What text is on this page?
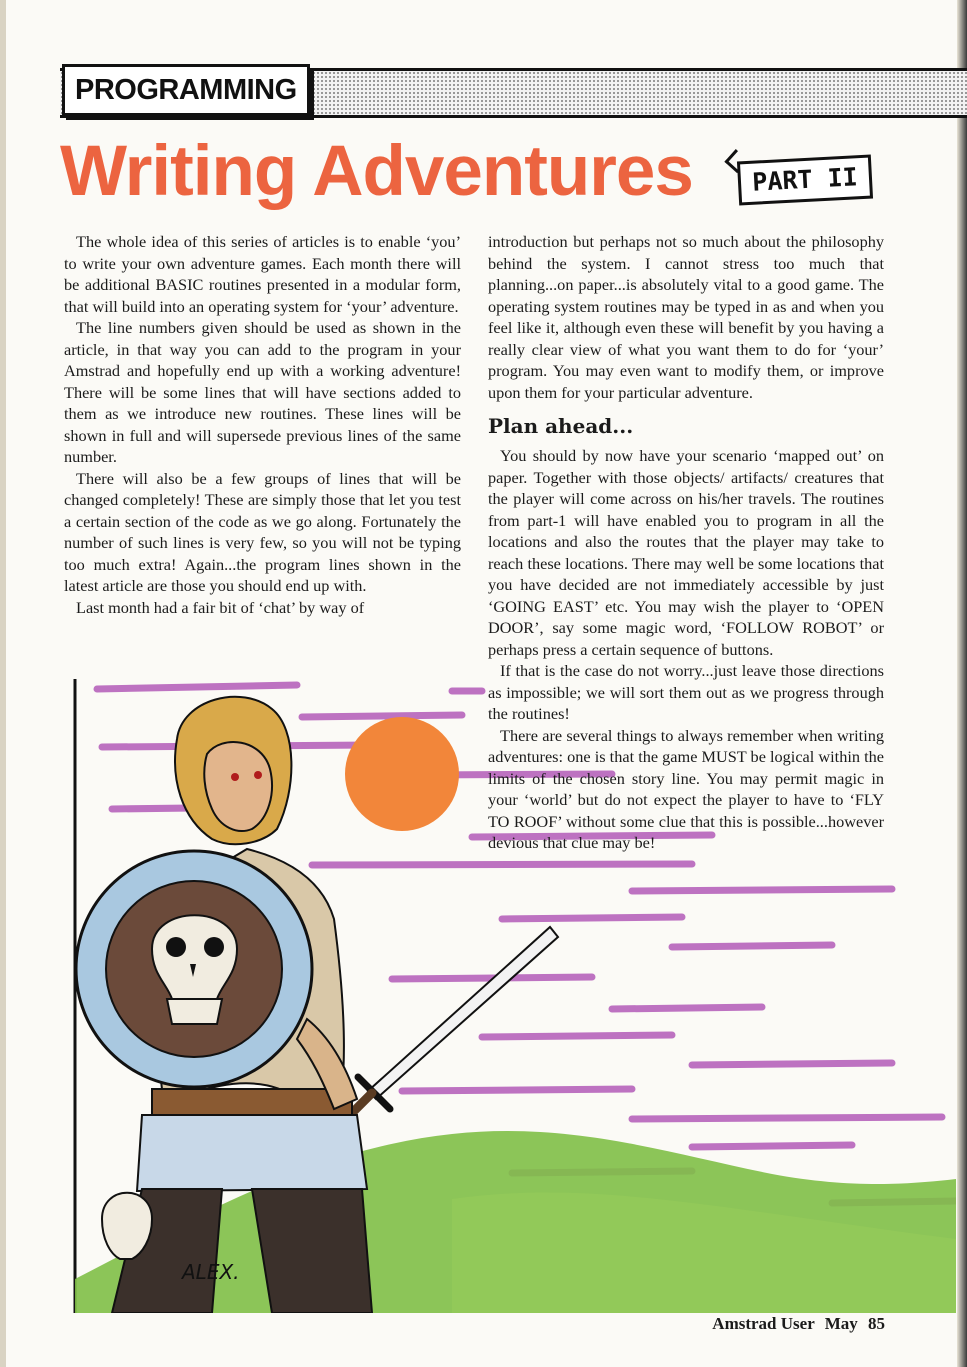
PROGRAMMING
Writing Adventures	PART II

The whole idea of this series of articles is to enable ‘you’ to write your own adventure games. Each month there will be additional BASIC routines presented in a modular form, that will build into an operating system for ‘your’ adventure.

The line numbers given should be used as shown in the article, in that way you can add to the program in your Amstrad and hopefully end up with a working adventure! There will be some lines that will have sections added to them as we introduce new routines. These lines will be shown in full and will supersede previous lines of the same number.

There will also be a few groups of lines that will be changed completely! These are simply those that let you test a certain section of the code as we go along. Fortunately the number of such lines is very few, so you will not be typing too much extra! Again...the program lines shown in the latest article are those you should end up with.

Last month had a fair bit of ‘chat’ by way of

introduction but perhaps not so much about the philosophy behind the system. I cannot stress too much that planning...on paper...is absolutely vital to a good game. The operating system routines may be typed in as and when you feel like it, although even these will benefit by you having a really clear view of what you want them to do for ‘your’ program. You may even want to modify them, or improve upon them for your particular adventure.

Plan ahead...

You should by now have your scenario ‘mapped out’ on paper. Together with those objects/ artifacts/ creatures that the player will come across on his/her travels. The routines from part-1 will have enabled you to program in all the locations and also the routes that the player may take to reach these locations. There may well be some locations that you have decided are not immediately accessible by just ‘GOING EAST’ etc. You may wish the player to ‘OPEN DOOR’, say some magic word, ‘FOLLOW ROBOT’ or perhaps press a certain sequence of buttons.

If that is the case do not worry...just leave those directions as impossible; we will sort them out as we progress through the routines!

There are several things to always remember when writing adventures: one is that the game MUST be logical within the limits of the chosen story line. You may permit magic in your ‘world’ but do not expect the player to have to ‘FLY TO ROOF’ without some clue that this is possible...however devious that clue may be!

ALEX.
Amstrad User May 85
